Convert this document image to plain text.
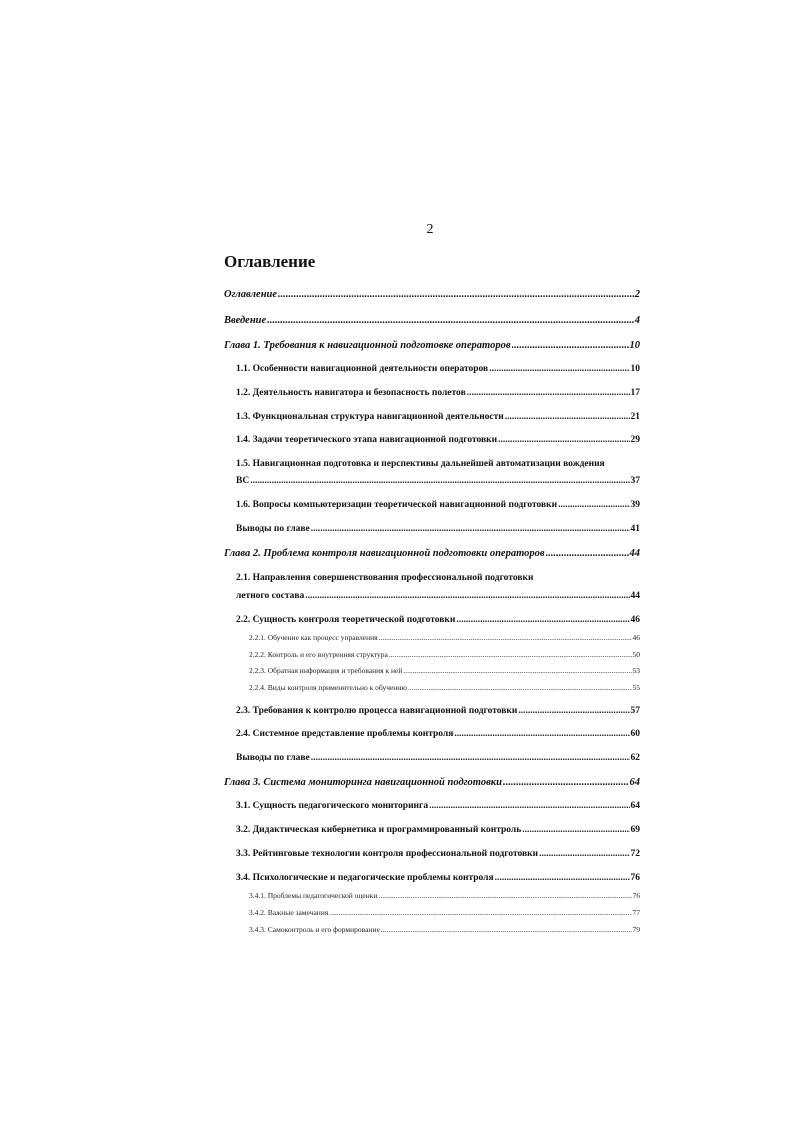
2
Оглавление
Оглавление .....	2
Введение .....	4
Глава 1. Требования к навигационной подготовке операторов .....	10
1.1. Особенности навигационной деятельности операторов .....	10
1.2. Деятельность навигатора и безопасность полетов .....	17
1.3. Функциональная структура навигационной деятельности .....	21
1.4. Задачи теоретического этапа навигационной подготовки .....	29
1.5. Навигационная подготовка и перспективы дальнейшей автоматизации вождения
ВС .....	37
1.6. Вопросы компьютеризации теоретической навигационной подготовки .....	39
Выводы по главе .....	41
Глава 2. Проблема контроля навигационной подготовки операторов .....	44
2.1. Направления совершенствования профессиональной подготовки
летного состава .....	44
2.2. Сущность контроля теоретической подготовки .....	46
2.2.1. Обучение как процесс управления .....	46
2.2.2. Контроль и его внутренняя структура .....	50
2.2.3. Обратная информация и требования к ней .....	53
2.2.4. Виды контроля применительно к обучению .....	55
2.3. Требования к контролю процесса навигационной подготовки .....	57
2.4. Системное представление проблемы контроля .....	60
Выводы по главе .....	62
Глава 3. Система мониторинга навигационной подготовки .....	64
3.1. Сущность педагогического мониторинга .....	64
3.2. Дидактическая кибернетика и программированный контроль .....	69
3.3. Рейтинговые технологии контроля профессиональной подготовки .....	72
3.4. Психологические и педагогические проблемы контроля .....	76
3.4.1. Проблемы педагогической оценки .....	76
3.4.2. Важные замечания .....	77
3.4.3. Самоконтроль и его формирование .....	79
